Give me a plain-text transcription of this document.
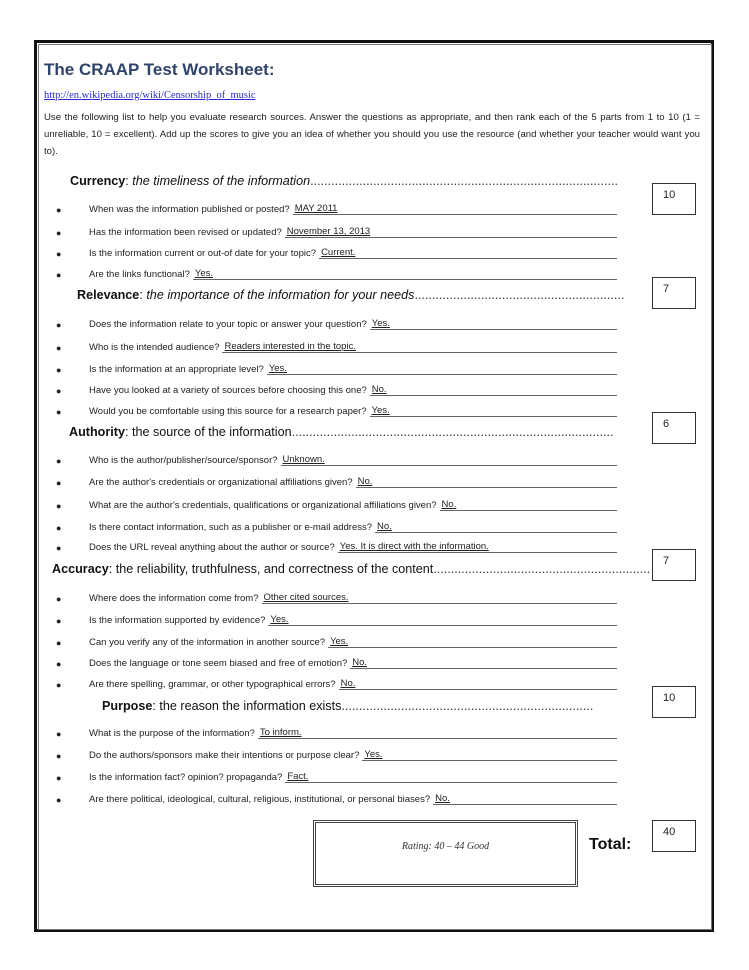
The CRAAP Test Worksheet:
http://en.wikipedia.org/wiki/Censorship_of_music
Use the following list to help you evaluate research sources. Answer the questions as appropriate, and then rank each of the 5 parts from 1 to 10 (1 = unreliable, 10 = excellent). Add up the scores to give you an idea of whether you should you use the resource (and whether your teacher would want you to).
Currency: the timeliness of the information........................................................................................
10
●	When was the information published or posted? MAY 2011
●	Has the information been revised or updated? November 13, 2013
●	Is the information current or out-of date for your topic? Current.
●	Are the links functional? Yes.
Relevance: the importance of the information for your needs............................................................	7
●	Does the information relate to your topic or answer your question? Yes.
●	Who is the intended audience? Readers interested in the topic.
●	Is the information at an appropriate level? Yes.
●	Have you looked at a variety of sources before choosing this one? No.
●	Would you be comfortable using this source for a research paper? Yes.
Authority: the source of the information............................................................................................
6
●	Who is the author/publisher/source/sponsor? Unknown.
●	Are the author's credentials or organizational affiliations given? No.
●	What are the author's credentials, qualifications or organizational affiliations given? No.
●	Is there contact information, such as a publisher or e-mail address? No.
●	Does the URL reveal anything about the author or source? Yes. It is direct with the information.
Accuracy: the reliability, truthfulness, and correctness of the content..............................................................
7
●	Where does the information come from? Other cited sources.
●	Is the information supported by evidence? Yes.
●	Can you verify any of the information in another source? Yes.
●	Does the language or tone seem biased and free of emotion? No.
●	Are there spelling, grammar, or other typographical errors? No.
Purpose: the reason the information exists........................................................................
10
●	What is the purpose of the information? To inform.
●	Do the authors/sponsors make their intentions or purpose clear? Yes.
●	Is the information fact? opinion? propaganda? Fact.
●	Are there political, ideological, cultural, religious, institutional, or personal biases? No.
Rating: 40 – 44 Good	Total:
40
